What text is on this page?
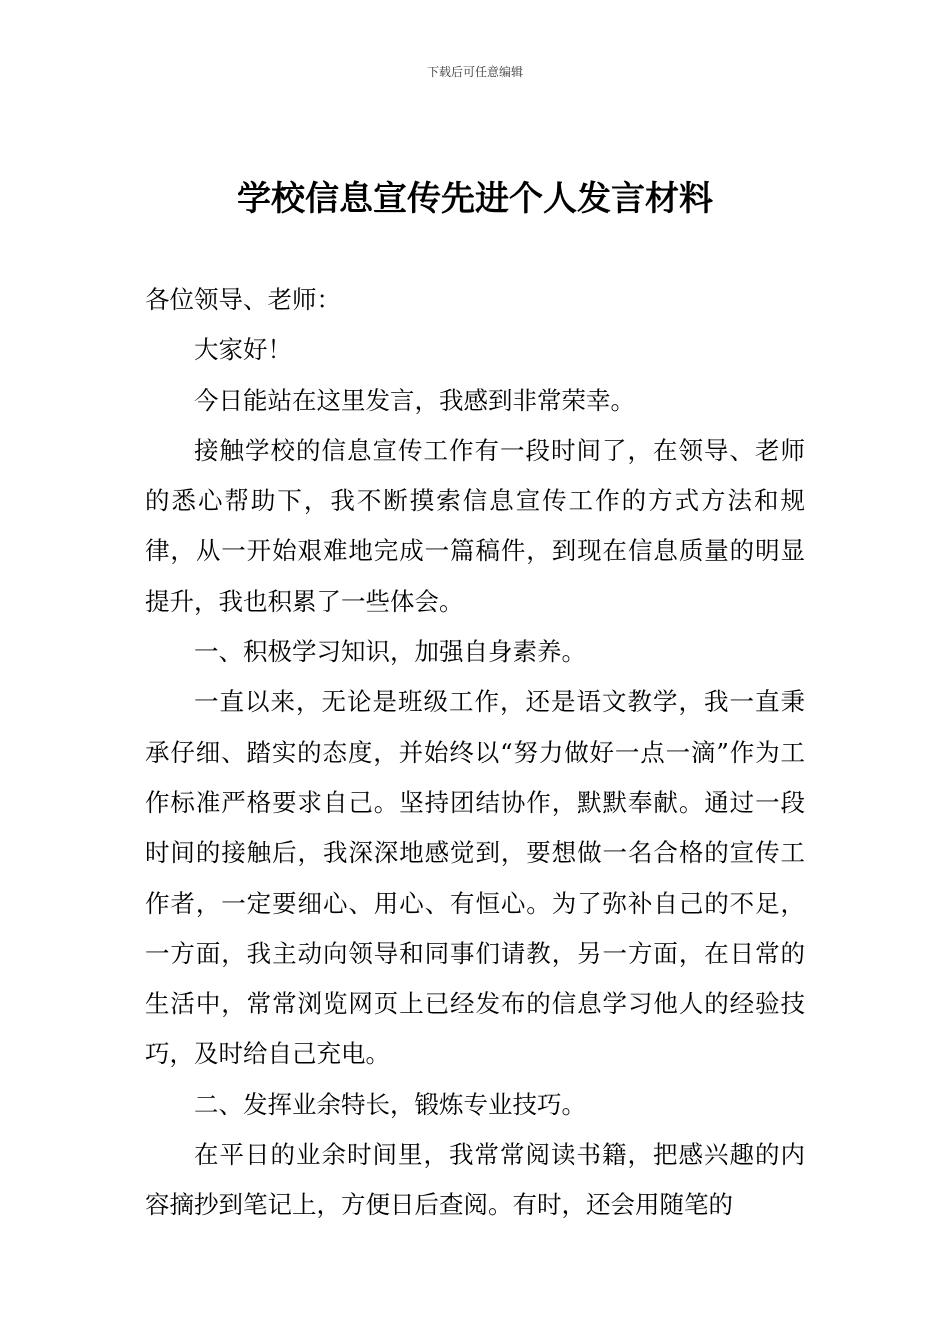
下载后可任意编辑
学校信息宣传先进个人发言材料

各位领导、老师：

大家好！

今日能站在这里发言，我感到非常荣幸。

接触学校的信息宣传工作有一段时间了，在领导、老师的悉心帮助下，我不断摸索信息宣传工作的方式方法和规律，从一开始艰难地完成一篇稿件，到现在信息质量的明显提升，我也积累了一些体会。

一、积极学习知识，加强自身素养。

一直以来，无论是班级工作，还是语文教学，我一直秉承仔细、踏实的态度，并始终以“努力做好一点一滴”作为工作标准严格要求自己。坚持团结协作，默默奉献。通过一段时间的接触后，我深深地感觉到，要想做一名合格的宣传工作者，一定要细心、用心、有恒心。为了弥补自己的不足，一方面，我主动向领导和同事们请教，另一方面，在日常的生活中，常常浏览网页上已经发布的信息学习他人的经验技巧，及时给自己充电。

二、发挥业余特长，锻炼专业技巧。

在平日的业余时间里，我常常阅读书籍，把感兴趣的内容摘抄到笔记上，方便日后查阅。有时，还会用随笔的
